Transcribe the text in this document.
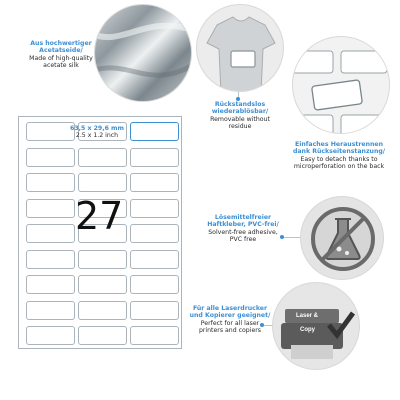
Aus hochwertiger
Acetatseide/
Made of high-quality
acetate silk
Rückstandslos
wiederablösbar/
Removable without
residue
Einfaches Heraustrennen
dank Rückseitenstanzung/
Easy to detach thanks to
microperforation on the back
Lösemittelfreier
Haftkleber, PVC-frei/
Solvent-free adhesive,
PVC free
Laser &
Copy
Für alle Laserdrucker
und Kopierer geeignet/
Perfect for all laser
printers and copiers
63,5 x 29,6 mm
2.5 x 1.2 inch
27
